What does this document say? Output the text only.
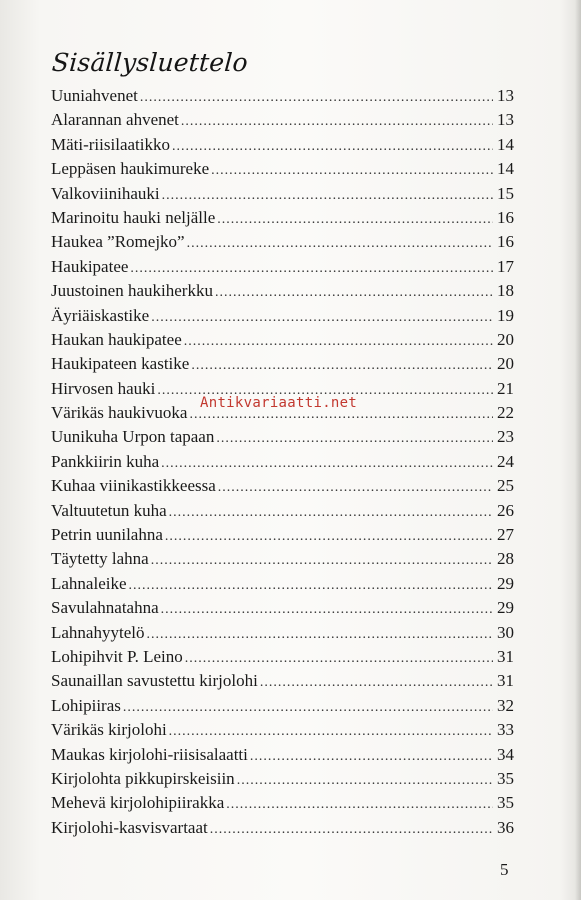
Sisällysluettelo
Uuniahvenet .....	13
Alarannan ahvenet .....	13
Mäti-riisilaatikko .....	14
Leppäsen haukimureke .....	14
Valkoviinihauki .....	15
Marinoitu hauki neljälle .....	16
Haukea ”Romejko” .....	16
Haukipatee .....	17
Juustoinen haukiherkku .....	18
Äyriäiskastike .....	19
Haukan haukipatee .....	20
Haukipateen kastike .....	20
Hirvosen hauki .....	21
Värikäs haukivuoka .....	22
Uunikuha Urpon tapaan .....	23
Pankkiirin kuha .....	24
Kuhaa viinikastikkeessa .....	25
Valtuutetun kuha .....	26
Petrin uunilahna .....	27
Täytetty lahna .....	28
Lahnaleike .....	29
Savulahnatahna .....	29
Lahnahyytelö .....	30
Lohipihvit P. Leino .....	31
Saunaillan savustettu kirjolohi .....	31
Lohipiiras .....	32
Värikäs kirjolohi .....	33
Maukas kirjolohi-riisisalaatti .....	34
Kirjolohta pikkupirskeisiin .....	35
Mehevä kirjolohipiirakka .....	35
Kirjolohi-kasvisvartaat .....	36
Antikvariaatti.net
5
